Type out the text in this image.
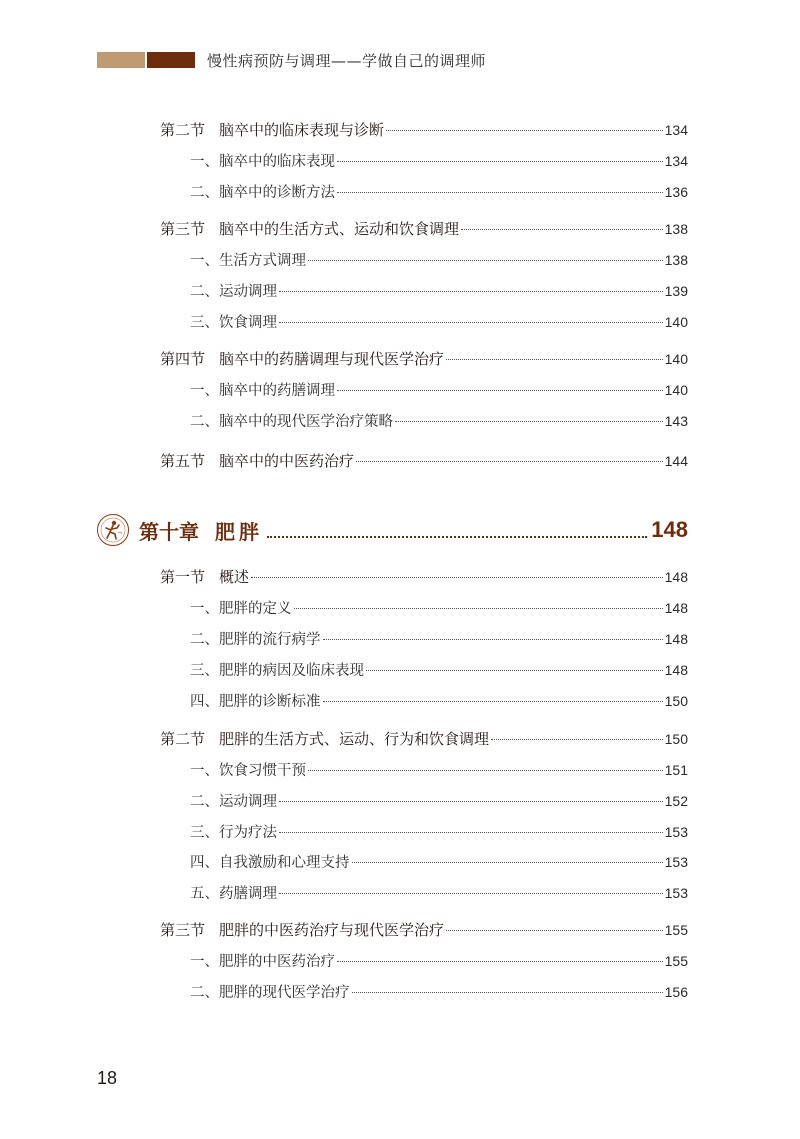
慢性病预防与调理——学做自己的调理师
第二节 脑卒中的临床表现与诊断	134
一、脑卒中的临床表现	134
二、脑卒中的诊断方法	136
第三节 脑卒中的生活方式、运动和饮食调理	138
一、生活方式调理	138
二、运动调理	139
三、饮食调理	140
第四节 脑卒中的药膳调理与现代医学治疗	140
一、脑卒中的药膳调理	140
二、脑卒中的现代医学治疗策略	143
第五节 脑卒中的中医药治疗	144
第十章 肥胖	148
第一节 概述	148
一、肥胖的定义	148
二、肥胖的流行病学	148
三、肥胖的病因及临床表现	148
四、肥胖的诊断标准	150
第二节 肥胖的生活方式、运动、行为和饮食调理	150
一、饮食习惯干预	151
二、运动调理	152
三、行为疗法	153
四、自我激励和心理支持	153
五、药膳调理	153
第三节 肥胖的中医药治疗与现代医学治疗	155
一、肥胖的中医药治疗	155
二、肥胖的现代医学治疗	156
18
